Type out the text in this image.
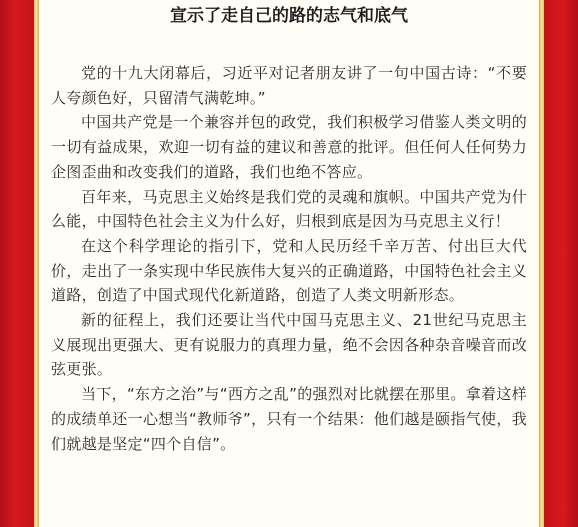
宣示了走自己的路的志气和底气

党的十九大闭幕后，习近平对记者朋友讲了一句中国古诗：“不要人夸颜色好，只留清气满乾坤。”

中国共产党是一个兼容并包的政党，我们积极学习借鉴人类文明的一切有益成果，欢迎一切有益的建议和善意的批评。但任何人任何势力企图歪曲和改变我们的道路，我们也绝不答应。

百年来，马克思主义始终是我们党的灵魂和旗帜。中国共产党为什么能，中国特色社会主义为什么好，归根到底是因为马克思主义行！

在这个科学理论的指引下，党和人民历经千辛万苦、付出巨大代价，走出了一条实现中华民族伟大复兴的正确道路，中国特色社会主义道路，创造了中国式现代化新道路，创造了人类文明新形态。

新的征程上，我们还要让当代中国马克思主义、21世纪马克思主义展现出更强大、更有说服力的真理力量，绝不会因各种杂音噪音而改弦更张。

当下，“东方之治”与“西方之乱”的强烈对比就摆在那里。拿着这样的成绩单还一心想当“教师爷”，只有一个结果：他们越是颐指气使，我们就越是坚定“四个自信”。
